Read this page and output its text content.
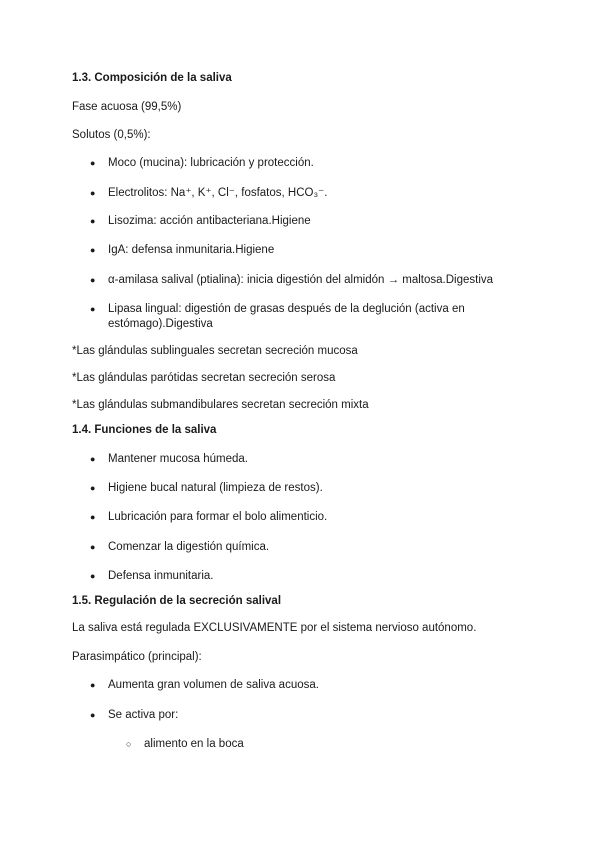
1.3. Composición de la saliva
Fase acuosa (99,5%)
Solutos (0,5%):
● Moco (mucina): lubricación y protección.
● Electrolitos: Na⁺, K⁺, Cl⁻, fosfatos, HCO₃⁻.
● Lisozima: acción antibacteriana.Higiene
● IgA: defensa inmunitaria.Higiene
● α-amilasa salival (ptialina): inicia digestión del almidón → maltosa.Digestiva
● Lipasa lingual: digestión de grasas después de la deglución (activa en estómago).Digestiva
*Las glándulas sublinguales secretan secreción mucosa
*Las glándulas parótidas secretan secreción serosa
*Las glándulas submandibulares secretan secreción mixta
1.4. Funciones de la saliva
● Mantener mucosa húmeda.
● Higiene bucal natural (limpieza de restos).
● Lubricación para formar el bolo alimenticio.
● Comenzar la digestión química.
● Defensa inmunitaria.
1.5. Regulación de la secreción salival
La saliva está regulada EXCLUSIVAMENTE por el sistema nervioso autónomo.
Parasimpático (principal):
● Aumenta gran volumen de saliva acuosa.
● Se activa por:
○ alimento en la boca
